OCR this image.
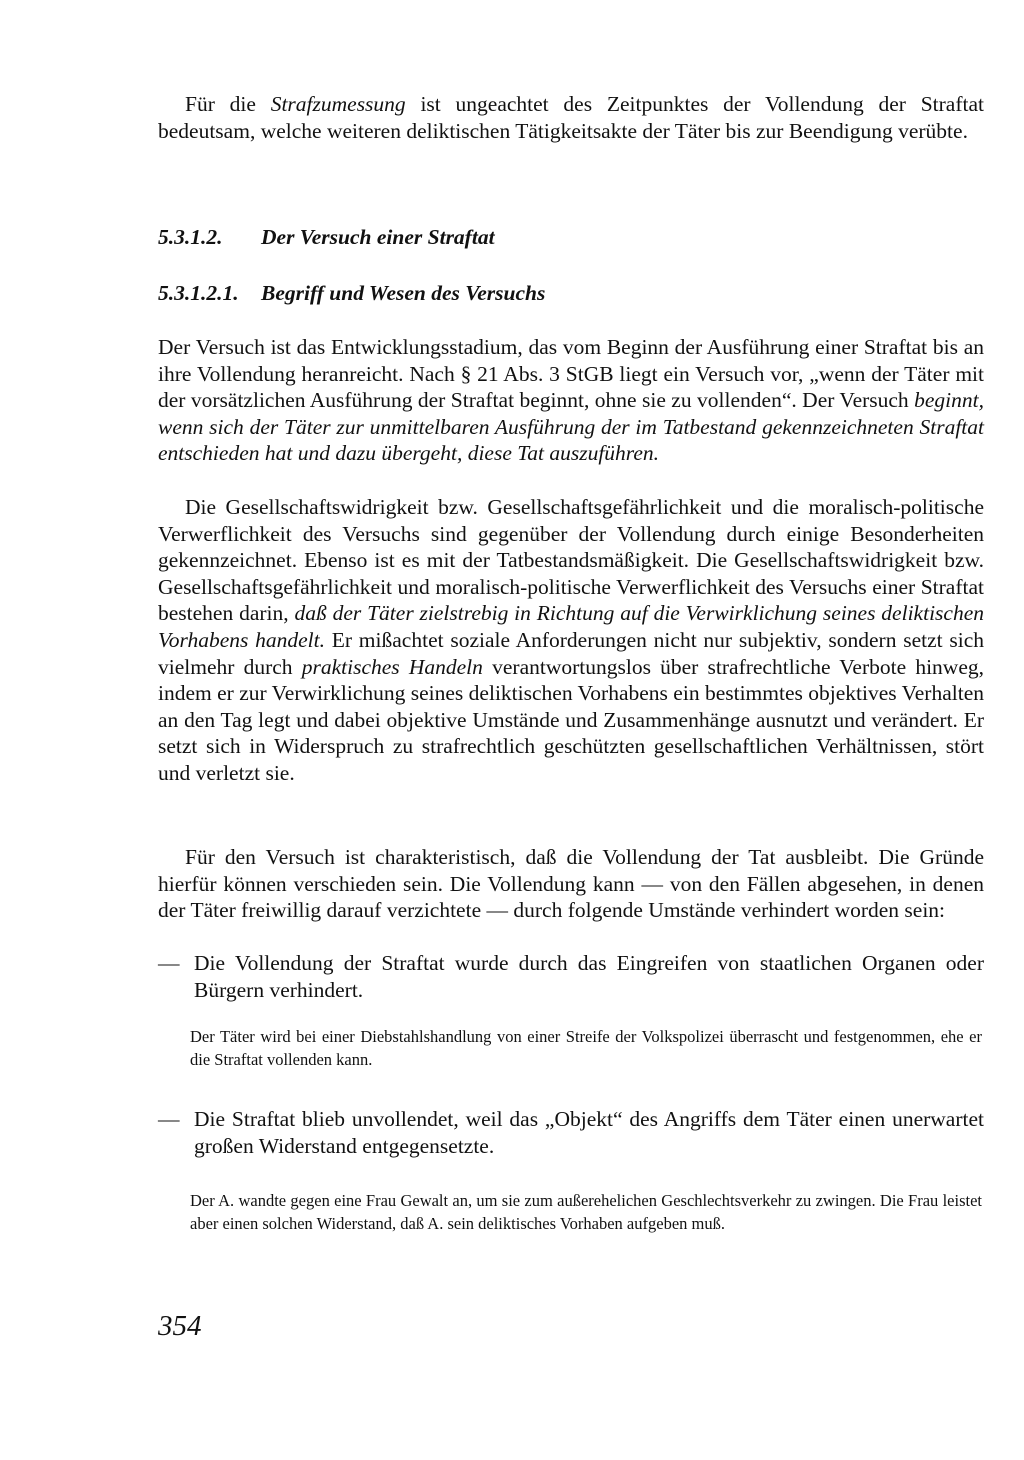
Für die Strafzumessung ist ungeachtet des Zeitpunktes der Vollendung der Straftat bedeutsam, welche weiteren deliktischen Tätigkeitsakte der Täter bis zur Beendigung verübte.

5.3.1.2. Der Versuch einer Straftat
5.3.1.2.1. Begriff und Wesen des Versuchs

Der Versuch ist das Entwicklungsstadium, das vom Beginn der Ausführung einer Straftat bis an ihre Vollendung heranreicht. Nach § 21 Abs. 3 StGB liegt ein Versuch vor, „wenn der Täter mit der vorsätzlichen Ausführung der Straftat beginnt, ohne sie zu vollenden“. Der Versuch beginnt, wenn sich der Täter zur unmittelbaren Ausführung der im Tatbestand gekennzeichneten Straftat entschieden hat und dazu übergeht, diese Tat auszuführen.

Die Gesellschaftswidrigkeit bzw. Gesellschaftsgefährlichkeit und die moralisch-politische Verwerflichkeit des Versuchs sind gegenüber der Vollendung durch einige Besonderheiten gekennzeichnet. Ebenso ist es mit der Tatbestandsmäßigkeit. Die Gesellschaftswidrigkeit bzw. Gesellschaftsgefährlichkeit und moralisch-politische Verwerflichkeit des Versuchs einer Straftat bestehen darin, daß der Täter zielstrebig in Richtung auf die Verwirklichung seines deliktischen Vorhabens handelt. Er mißachtet soziale Anforderungen nicht nur subjektiv, sondern setzt sich vielmehr durch praktisches Handeln verantwortungslos über strafrechtliche Verbote hinweg, indem er zur Verwirklichung seines deliktischen Vorhabens ein bestimmtes objektives Verhalten an den Tag legt und dabei objektive Umstände und Zusammenhänge ausnutzt und verändert. Er setzt sich in Widerspruch zu strafrechtlich geschützten gesellschaftlichen Verhältnissen, stört und verletzt sie.

Für den Versuch ist charakteristisch, daß die Vollendung der Tat ausbleibt. Die Gründe hierfür können verschieden sein. Die Vollendung kann — von den Fällen abgesehen, in denen der Täter freiwillig darauf verzichtete — durch folgende Umstände verhindert worden sein:

— Die Vollendung der Straftat wurde durch das Eingreifen von staatlichen Organen oder Bürgern verhindert.

Der Täter wird bei einer Diebstahlshandlung von einer Streife der Volkspolizei überrascht und festgenommen, ehe er die Straftat vollenden kann.

— Die Straftat blieb unvollendet, weil das „Objekt“ des Angriffs dem Täter einen unerwartet großen Widerstand entgegensetzte.

Der A. wandte gegen eine Frau Gewalt an, um sie zum außerehelichen Geschlechtsverkehr zu zwingen. Die Frau leistet aber einen solchen Widerstand, daß A. sein deliktisches Vorhaben aufgeben muß.

354
